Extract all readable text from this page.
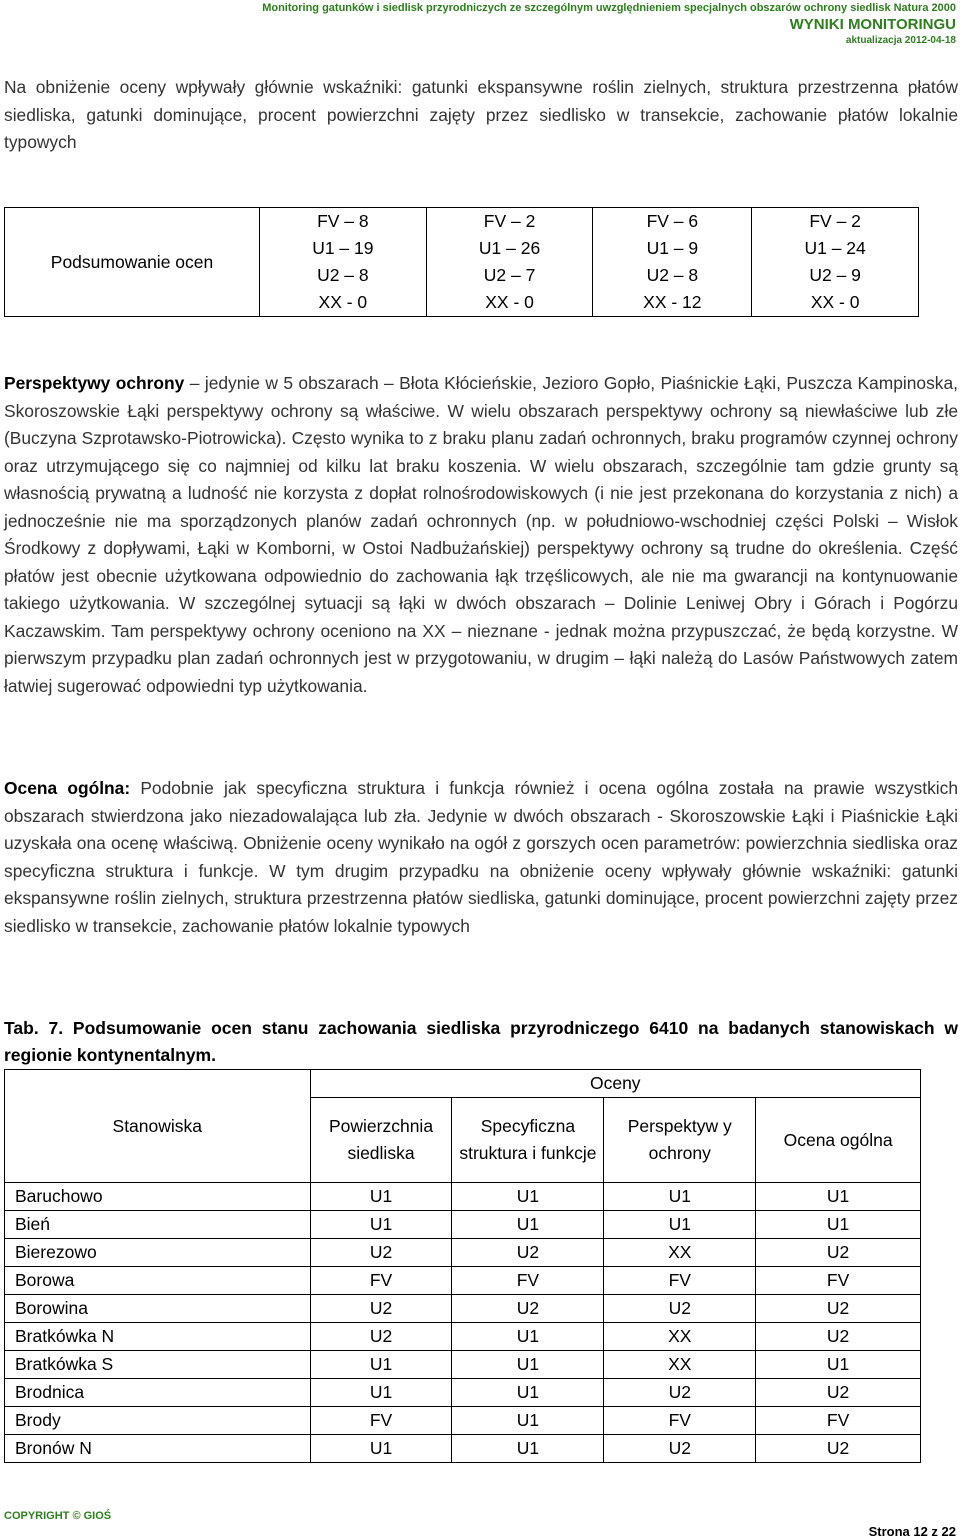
Monitoring gatunków i siedlisk przyrodniczych ze szczególnym uwzględnieniem specjalnych obszarów ochrony siedlisk Natura 2000
WYNIKI MONITORINGU
aktualizacja 2012-04-18
Na obniżenie oceny wpływały głównie wskaźniki: gatunki ekspansywne roślin zielnych, struktura przestrzenna płatów siedliska, gatunki dominujące, procent powierzchni zajęty przez siedlisko w transekcie, zachowanie płatów lokalnie typowych
Podsumowanie ocen	
FV – 8
U1 – 19
U2 – 8
XX - 0

FV – 2
U1 – 26
U2 – 7
XX - 0

FV – 6
U1 – 9
U2 – 8
XX - 12

FV – 2
U1 – 24
U2 – 9
XX - 0
Perspektywy ochrony – jedynie w 5 obszarach – Błota Kłócieńskie, Jezioro Gopło, Piaśnickie Łąki, Puszcza Kampinoska, Skoroszowskie Łąki perspektywy ochrony są właściwe. W wielu obszarach perspektywy ochrony są niewłaściwe lub złe (Buczyna Szprotawsko-Piotrowicka). Często wynika to z braku planu zadań ochronnych, braku programów czynnej ochrony oraz utrzymującego się co najmniej od kilku lat braku koszenia. W wielu obszarach, szczególnie tam gdzie grunty są własnością prywatną a ludność nie korzysta z dopłat rolnośrodowiskowych (i nie jest przekonana do korzystania z nich) a jednocześnie nie ma sporządzonych planów zadań ochronnych (np. w południowo-wschodniej części Polski – Wisłok Środkowy z dopływami, Łąki w Komborni, w Ostoi Nadbużańskiej) perspektywy ochrony są trudne do określenia. Część płatów jest obecnie użytkowana odpowiednio do zachowania łąk trzęślicowych, ale nie ma gwarancji na kontynuowanie takiego użytkowania. W szczególnej sytuacji są łąki w dwóch obszarach – Dolinie Leniwej Obry i Górach i Pogórzu Kaczawskim. Tam perspektywy ochrony oceniono na XX – nieznane - jednak można przypuszczać, że będą korzystne. W pierwszym przypadku plan zadań ochronnych jest w przygotowaniu, w drugim – łąki należą do Lasów Państwowych zatem łatwiej sugerować odpowiedni typ użytkowania.
Ocena ogólna: Podobnie jak specyficzna struktura i funkcja również i ocena ogólna została na prawie wszystkich obszarach stwierdzona jako niezadowalająca lub zła. Jedynie w dwóch obszarach - Skoroszowskie Łąki i Piaśnickie Łąki uzyskała ona ocenę właściwą. Obniżenie oceny wynikało na ogół z gorszych ocen parametrów: powierzchnia siedliska oraz specyficzna struktura i funkcje. W tym drugim przypadku na obniżenie oceny wpływały głównie wskaźniki: gatunki ekspansywne roślin zielnych, struktura przestrzenna płatów siedliska, gatunki dominujące, procent powierzchni zajęty przez siedlisko w transekcie, zachowanie płatów lokalnie typowych
Tab. 7. Podsumowanie ocen stanu zachowania siedliska przyrodniczego 6410 na badanych stanowiskach w regionie kontynentalnym.
Stanowiska	Oceny			
	Powierzchnia siedliska	Specyficzna struktura i funkcje	Perspektyw y ochrony	Ocena ogólna
Baruchowo	U1	U1	U1	U1
Bień	U1	U1	U1	U1
Bierezowo	U2	U2	XX	U2
Borowa	FV	FV	FV	FV
Borowina	U2	U2	U2	U2
Bratkówka N	U2	U1	XX	U2
Bratkówka S	U1	U1	XX	U1
Brodnica	U1	U1	U2	U2
Brody	FV	U1	FV	FV
Bronów N	U1	U1	U2	U2
COPYRIGHT © GIOŚ
Strona 12 z 22
